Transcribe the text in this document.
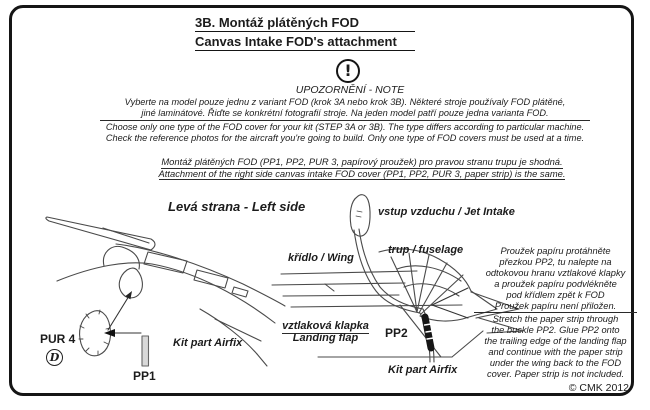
3B. Montáž plátěných FOD
Canvas Intake FOD's attachment
!
UPOZORNĚNÍ - NOTE
Vyberte na model pouze jednu z variant FOD (krok 3A nebo krok 3B). Některé stroje používaly FOD plátěné,
jiné laminátové. Řiďte se konkrétní fotografií stroje. Na jeden model patří pouze jedna varianta FOD.
Choose only one type of the FOD cover for your kit (STEP 3A or 3B). The type differs according to particular machine.
Check the reference photos for the aircraft you're going to build. Only one type of FOD covers must be used at a time.
Montáž plátěných FOD (PP1, PP2, PUR 3, papírový proužek) pro pravou stranu trupu je shodná.
Attachment of the right side canvas intake FOD cover (PP1, PP2, PUR 3, paper strip) is the same.
Levá strana - Left side	vstup vzduchu / Jet Intake
trup / fuselage
křídlo / Wing
vztlaková klapka
Landing flap	PP2
Kit part Airfix
PUR 4
D
PP1
Kit part Airfix
Proužek papíru protáhněte
přezkou PP2, tu nalepte na
odtokovou hranu vztlakové klapky
a proužek papíru podvlékněte
pod křídlem zpět k FOD
Proužek papíru není přiložen.
Stretch the paper strip through
the buckle PP2. Glue PP2 onto
the trailing edge of the landing flap
and continue with the paper strip
under the wing back to the FOD
cover. Paper strip is not included.
© CMK 2012
